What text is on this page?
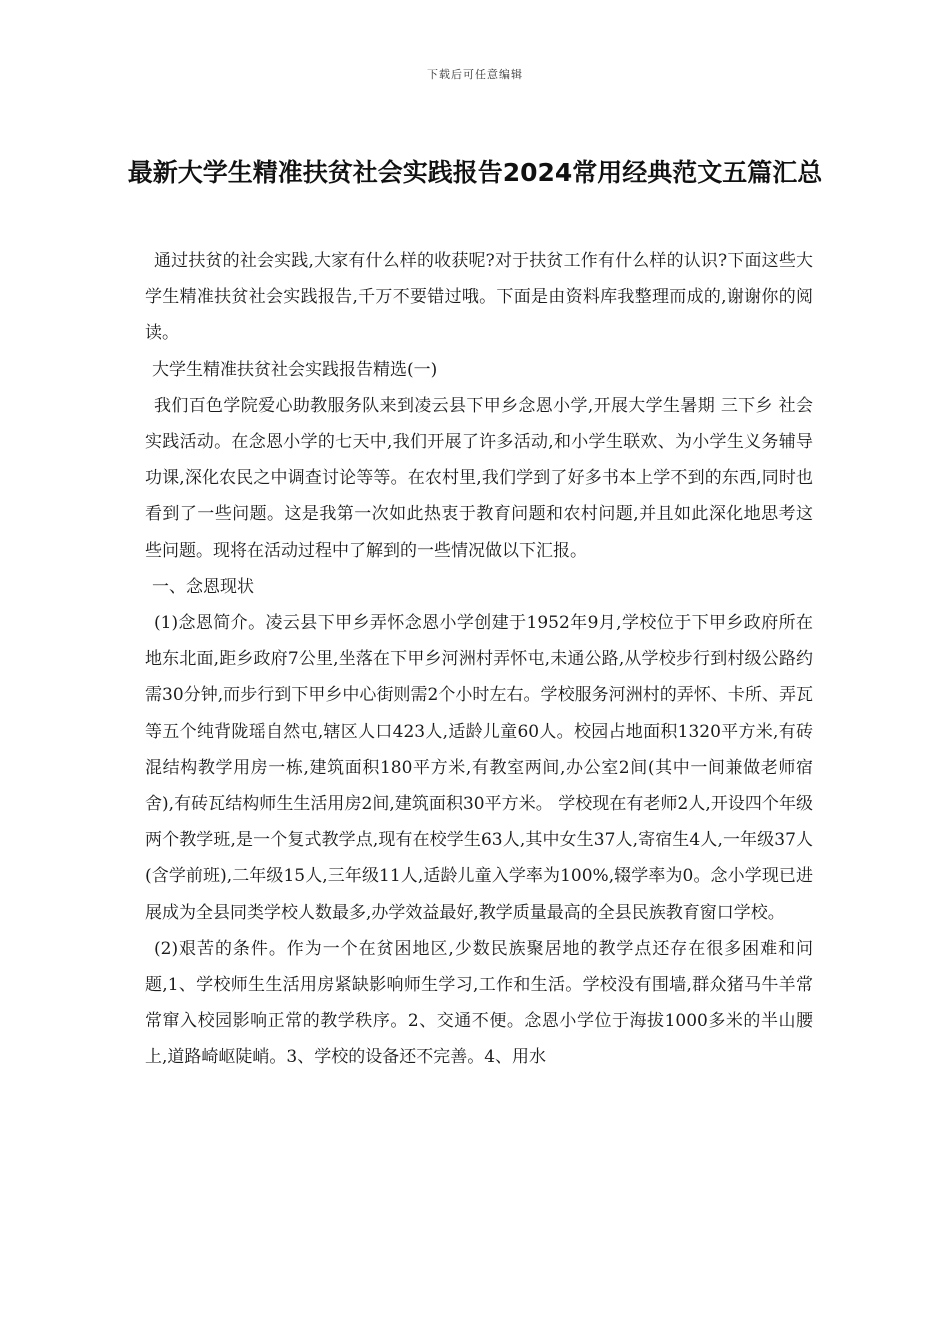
下载后可任意编辑
最新大学生精准扶贫社会实践报告2024常用经典范文五篇汇总

通过扶贫的社会实践,大家有什么样的收获呢?对于扶贫工作有什么样的认识?下面这些大学生精准扶贫社会实践报告,千万不要错过哦。下面是由资料库我整理而成的,谢谢你的阅读。

大学生精准扶贫社会实践报告精选(一)

我们百色学院爱心助教服务队来到凌云县下甲乡念恩小学,开展大学生暑期 三下乡 社会实践活动。在念恩小学的七天中,我们开展了许多活动,和小学生联欢、为小学生义务辅导功课,深化农民之中调查讨论等等。在农村里,我们学到了好多书本上学不到的东西,同时也看到了一些问题。这是我第一次如此热衷于教育问题和农村问题,并且如此深化地思考这些问题。现将在活动过程中了解到的一些情况做以下汇报。

一、念恩现状

(1)念恩简介。凌云县下甲乡弄怀念恩小学创建于1952年9月,学校位于下甲乡政府所在地东北面,距乡政府7公里,坐落在下甲乡河洲村弄怀屯,未通公路,从学校步行到村级公路约需30分钟,而步行到下甲乡中心街则需2个小时左右。学校服务河洲村的弄怀、卡所、弄瓦等五个纯背陇瑶自然屯,辖区人口423人,适龄儿童60人。校园占地面积1320平方米,有砖混结构教学用房一栋,建筑面积180平方米,有教室两间,办公室2间(其中一间兼做老师宿舍),有砖瓦结构师生生活用房2间,建筑面积30平方米。 学校现在有老师2人,开设四个年级两个教学班,是一个复式教学点,现有在校学生63人,其中女生37人,寄宿生4人,一年级37人(含学前班),二年级15人,三年级11人,适龄儿童入学率为100%,辍学率为0。念小学现已进展成为全县同类学校人数最多,办学效益最好,教学质量最高的全县民族教育窗口学校。

(2)艰苦的条件。作为一个在贫困地区,少数民族聚居地的教学点还存在很多困难和问题,1、学校师生生活用房紧缺影响师生学习,工作和生活。学校没有围墙,群众猪马牛羊常常窜入校园影响正常的教学秩序。2、交通不便。念恩小学位于海拔1000多米的半山腰上,道路崎岖陡峭。3、学校的设备还不完善。4、用水
